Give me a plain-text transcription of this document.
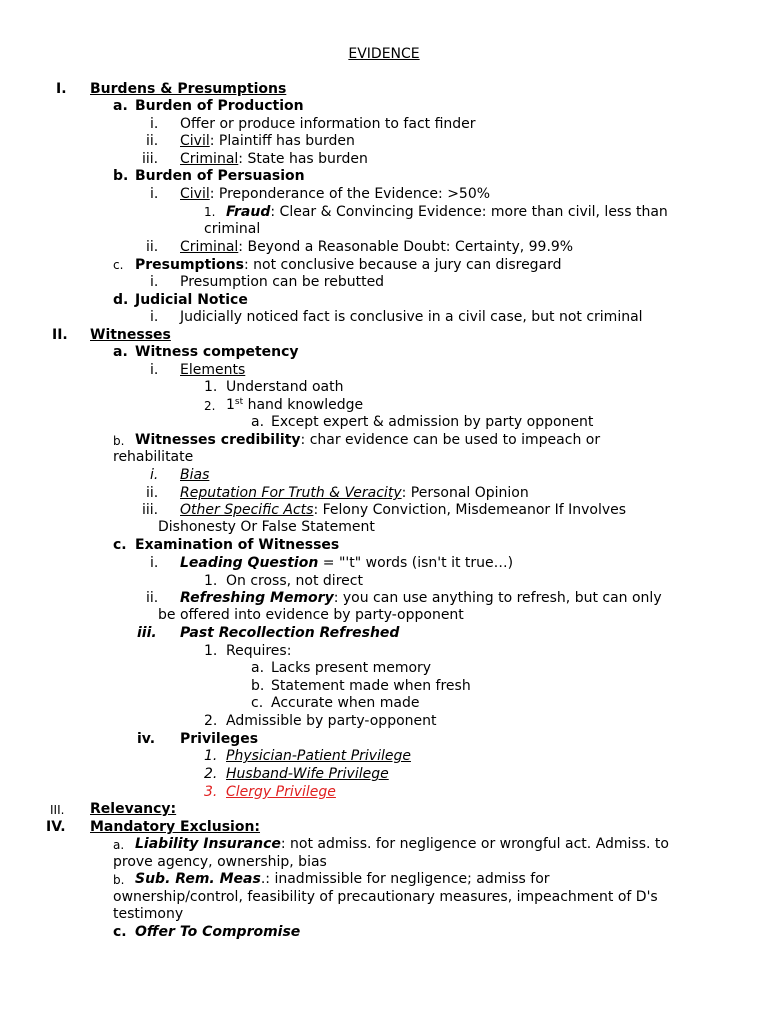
EVIDENCE
I. Burdens & Presumptions
a. Burden of Production
i. Offer or produce information to fact finder
ii. Civil: Plaintiff has burden
iii. Criminal: State has burden
b. Burden of Persuasion
i. Civil: Preponderance of the Evidence: >50%
1. Fraud: Clear & Convincing Evidence: more than civil, less than
criminal
ii. Criminal: Beyond a Reasonable Doubt: Certainty, 99.9%
c. Presumptions: not conclusive because a jury can disregard
i. Presumption can be rebutted
d. Judicial Notice
i. Judicially noticed fact is conclusive in a civil case, but not criminal
II. Witnesses
a. Witness competency
i. Elements
1. Understand oath
2. 1st hand knowledge
a. Except expert & admission by party opponent
b. Witnesses credibility: char evidence can be used to impeach or
rehabilitate
i. Bias
ii. Reputation For Truth & Veracity: Personal Opinion
iii. Other Specific Acts: Felony Conviction, Misdemeanor If Involves
Dishonesty Or False Statement
c. Examination of Witnesses
i. Leading Question = "'t" words (isn't it true…)
1. On cross, not direct
ii. Refreshing Memory: you can use anything to refresh, but can only
be offered into evidence by party-opponent
iii. Past Recollection Refreshed
1. Requires:
a. Lacks present memory
b. Statement made when fresh
c. Accurate when made
2. Admissible by party-opponent
iv. Privileges
1. Physician-Patient Privilege
2. Husband-Wife Privilege
3. Clergy Privilege
III. Relevancy:
IV. Mandatory Exclusion:
a. Liability Insurance: not admiss. for negligence or wrongful act. Admiss. to
prove agency, ownership, bias
b. Sub. Rem. Meas.: inadmissible for negligence; admiss for
ownership/control, feasibility of precautionary measures, impeachment of D's
testimony
c. Offer To Compromise
